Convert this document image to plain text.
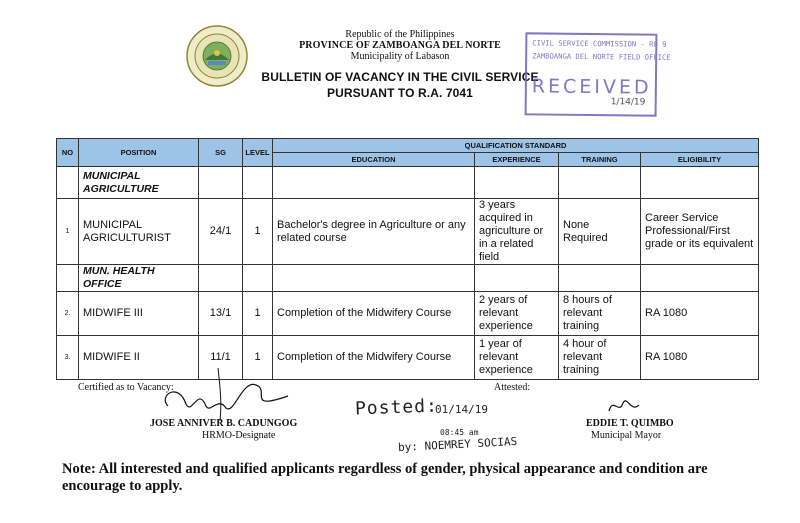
Republic of the Philippines
PROVINCE OF ZAMBOANGA DEL NORTE
Municipality of Labason
BULLETIN OF VACANCY IN THE CIVIL SERVICE
PURSUANT TO R.A. 7041
CIVIL SERVICE COMMISSION - RO 9
ZAMBOANGA DEL NORTE FIELD OFFICE
RECEIVED
1/14/19
NO	POSITION	SG	LEVEL	QUALIFICATION STANDARD			
				EDUCATION	EXPERIENCE	TRAINING	ELIGIBILITY
	MUNICIPAL AGRICULTURE						
1	MUNICIPAL AGRICULTURIST	24/1	1	Bachelor's degree in Agriculture or any related course	3 years acquired in agriculture or in a related field	None Required	Career Service Professional/First grade or its equivalent
	MUN. HEALTH OFFICE						
2.	MIDWIFE III	13/1	1	Completion of the Midwifery Course	2 years of relevant experience	8 hours of relevant training	RA 1080
3.	MIDWIFE II	11/1	1	Completion of the Midwifery Course	1 year of relevant experience	4 hour of relevant training	RA 1080
Certified as to Vacancy:	Attested:
JOSE ANNIVER B. CADUNGOG
HRMO-Designate
EDDIE T. QUIMBO
Municipal Mayor
Posted:
01/14/19
08:45 am
by: NOEMREY SOCIAS
Note: All interested and qualified applicants regardless of gender, physical appearance and condition are encourage to apply.
